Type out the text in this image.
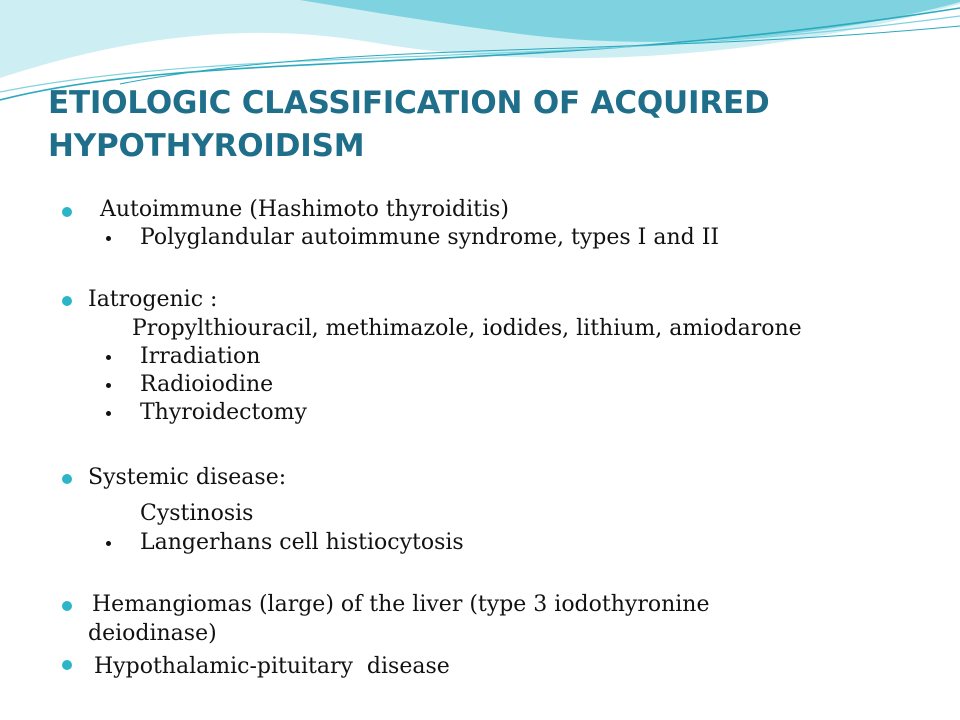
ETIOLOGIC CLASSIFICATION OF ACQUIRED
HYPOTHYROIDISM
Autoimmune (Hashimoto thyroiditis)
Polyglandular autoimmune syndrome, types I and II
Iatrogenic :
Propylthiouracil, methimazole, iodides, lithium, amiodarone
Irradiation
Radioiodine
Thyroidectomy
Systemic disease:
Cystinosis
Langerhans cell histiocytosis
Hemangiomas (large) of the liver (type 3 iodothyronine
deiodinase)
Hypothalamic-pituitary  disease
